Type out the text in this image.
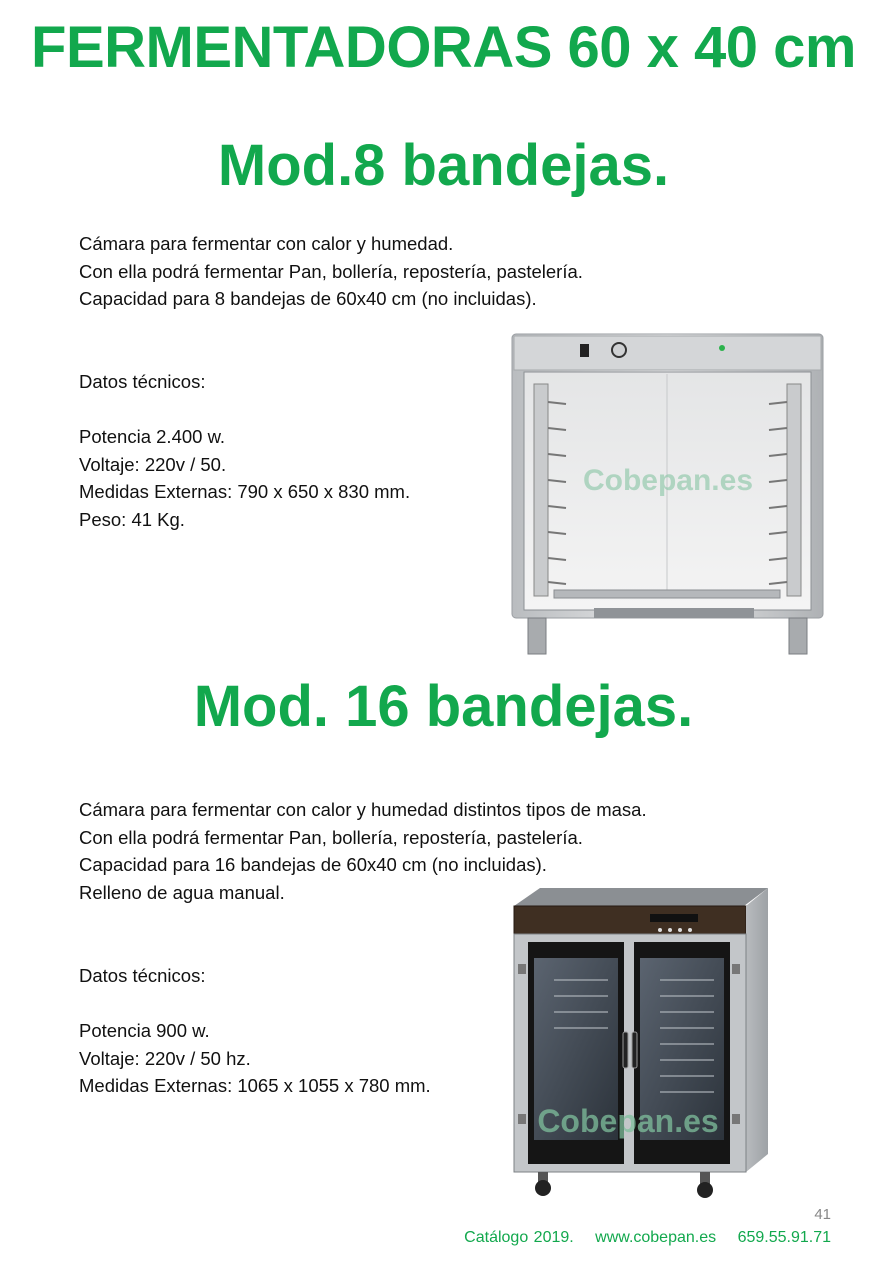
FERMENTADORAS 60 x 40 cm
Mod.8 bandejas.
Cámara para fermentar con calor y humedad.
Con ella podrá fermentar Pan, bollería, repostería, pastelería.
Capacidad para 8 bandejas de 60x40 cm (no incluidas).
Datos técnicos:
Potencia 2.400 w.
Voltaje: 220v / 50.
Medidas Externas: 790 x 650 x 830 mm.
Peso: 41 Kg.
Cobepan.es
Mod. 16 bandejas.
Cámara para fermentar con calor y humedad distintos tipos de masa.
Con ella podrá fermentar Pan, bollería, repostería, pastelería.
Capacidad para 16 bandejas de 60x40 cm (no incluidas).
Relleno de agua manual.
Datos técnicos:
Potencia 900 w.
Voltaje: 220v / 50 hz.
Medidas Externas: 1065 x 1055 x 780 mm.
Cobepan.es
41
Catálogo 2019. www.cobepan.es 659.55.91.71
